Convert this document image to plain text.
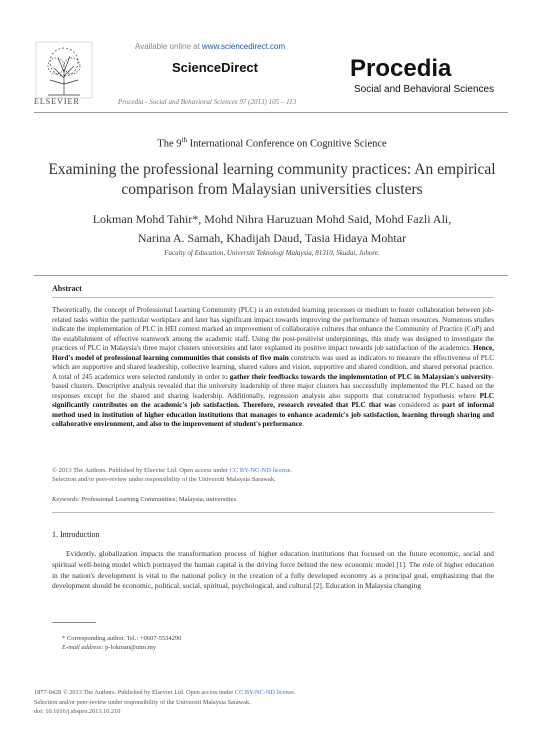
Available online at www.sciencedirect.com
ScienceDirect
ELSEVIER
Procedia
Social and Behavioral Sciences
Procedia - Social and Behavioral Sciences 97 (2013) 105 – 113
The 9th International Conference on Cognitive Science
Examining the professional learning community practices: An empirical comparison from Malaysian universities clusters
Lokman Mohd Tahir*, Mohd Nihra Haruzuan Mohd Said, Mohd Fazli Ali,
Narina A. Samah, Khadijah Daud, Tasia Hidaya Mohtar
Faculty of Education, Universiti Teknologi Malaysia, 81310, Skudai, Johore.
Abstract
Theoretically, the concept of Professional Learning Community (PLC) is an extended learning processes or medium to foster collaboration between job-related tasks within the particular workplace and later has significant impact towards improving the performance of human resources. Numerous studies indicate the implementation of PLC in HEI context marked an improvement of collaborative cultures that enhance the Community of Practice (CoP) and the establishment of effective teamwork among the academic staff. Using the post-positivist underpinnings, this study was designed to investigate the practices of PLC in Malaysia's three major clusters universities and later explained its positive impact towards job satisfaction of the academics. Hence, Hord's model of professional learning communities that consists of five main constructs was used as indicators to measure the effectiveness of PLC which are supportive and shared leadership, collective learning, shared values and vision, supportive and shared condition, and shared personal practice. A total of 245 academics were selected randomly in order to gather their feedbacks towards the implementation of PLC in Malaysian's university-based clusters. Descriptive analysis revealed that the university leadership of three major clusters has successfully implemented the PLC based on the responses except for the shared and sharing leadership. Additionally, regression analysis also supports that constructed hypothesis where PLC significantly contributes on the academic's job satisfaction. Therefore, research revealed that PLC that was considered as part of informal method used in institution of higher education institutions that manages to enhance academic's job satisfaction, learning through sharing and collaborative environment, and also to the improvement of student's performance.
© 2013 The Authors. Published by Elsevier Ltd. Open access under CC BY-NC-ND license.
Selection and/or peer-review under responsibility of the Universiti Malaysia Sarawak.
Keywords: Professional Learning Communities; Malaysia; universities.
1. Introduction
Evidently, globalization impacts the transformation process of higher education institutions that focused on the future economic, social and spiritual well-being model which portrayed the human capital is the driving force behind the new economic model [1]. The role of higher education in the nation's development is vital to the national policy in the creation of a fully developed economy as a principal goal, emphasizing that the development should be economic, political, social, spiritual, psychological, and cultural [2]. Education in Malaysia changing
* Corresponding author. Tel.: +0607-5534290
E-mail address: p-lokman@utm.my
1877-0428 © 2013 The Authors. Published by Elsevier Ltd. Open access under CC BY-NC-ND license.
Selection and/or peer-review under responsibility of the Universiti Malaysia Sarawak.
doi: 10.1016/j.sbspro.2013.10.210
